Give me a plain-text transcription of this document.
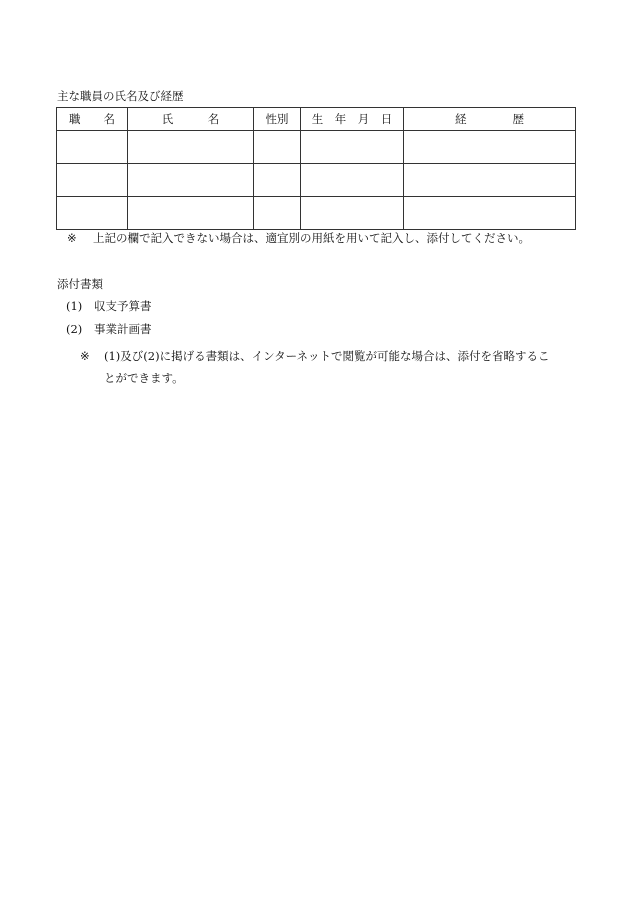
主な職員の氏名及び経歴
職　　名	氏　　　名	性別	生　年　月　日	経　　　　歴

※ 上記の欄で記入できない場合は、適宜別の用紙を用いて記入し、添付してください。
添付書類
(1) 収支予算書
(2) 事業計画書
※ (1)及び(2)に掲げる書類は、インターネットで閲覧が可能な場合は、添付を省略するこ
とができます。
